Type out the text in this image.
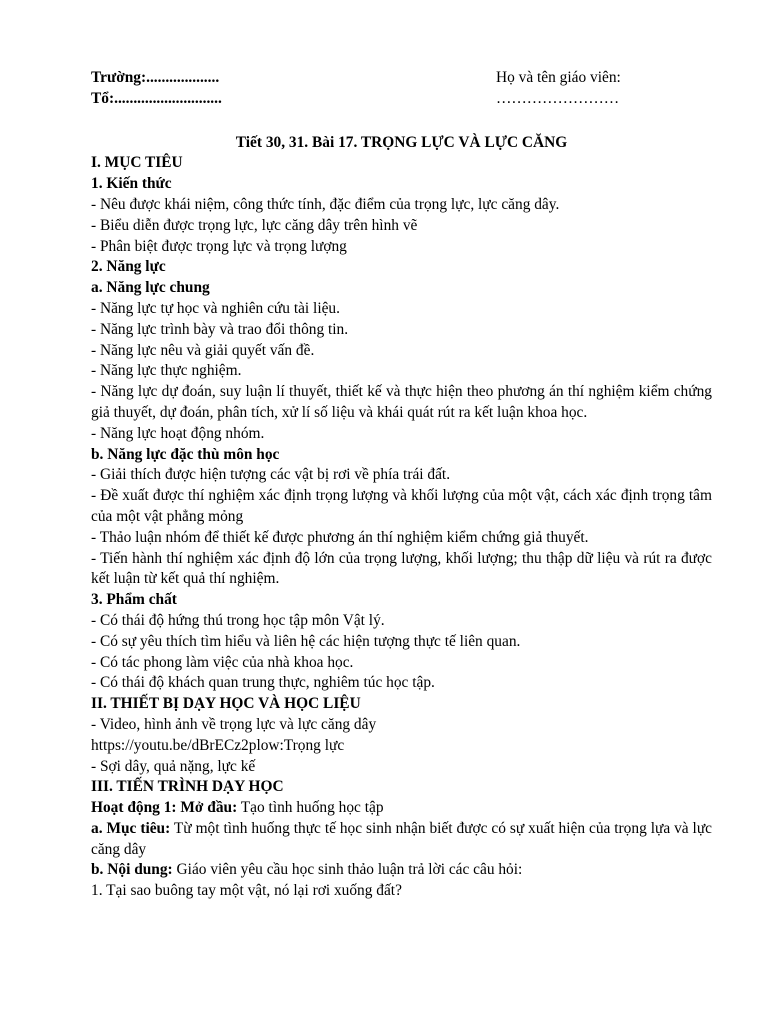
Trường:...................
Tổ:............................
Họ và tên giáo viên:
……………………
Tiết 30, 31. Bài 17. TRỌNG LỰC VÀ LỰC CĂNG
I. MỤC TIÊU
1. Kiến thức
- Nêu được khái niệm, công thức tính, đặc điểm của trọng lực, lực căng dây.
- Biểu diễn được trọng lực, lực căng dây trên hình vẽ
- Phân biệt được trọng lực và trọng lượng
2. Năng lực
a. Năng lực chung
- Năng lực tự học và nghiên cứu tài liệu.
- Năng lực trình bày và trao đổi thông tin.
- Năng lực nêu và giải quyết vấn đề.
- Năng lực thực nghiệm.
- Năng lực dự đoán, suy luận lí thuyết, thiết kế và thực hiện theo phương án thí nghiệm kiểm chứng giả thuyết, dự đoán, phân tích, xử lí số liệu và khái quát rút ra kết luận khoa học.
- Năng lực hoạt động nhóm.
b. Năng lực đặc thù môn học
- Giải thích được hiện tượng các vật bị rơi về phía trái đất.
- Đề xuất được thí nghiệm xác định trọng lượng và khối lượng của một vật, cách xác định trọng tâm của một vật phẳng mỏng
- Thảo luận nhóm để thiết kế được phương án thí nghiệm kiểm chứng giả thuyết.
- Tiến hành thí nghiệm xác định độ lớn của trọng lượng, khối lượng; thu thập dữ liệu và rút ra được kết luận từ kết quả thí nghiệm.
3. Phẩm chất
- Có thái độ hứng thú trong học tập môn Vật lý.
- Có sự yêu thích tìm hiểu và liên hệ các hiện tượng thực tế liên quan.
- Có tác phong làm việc của nhà khoa học.
- Có thái độ khách quan trung thực, nghiêm túc học tập.
II. THIẾT BỊ DẠY HỌC VÀ HỌC LIỆU
- Video, hình ảnh về trọng lực và lực căng dây
https://youtu.be/dBrECz2plow:Trọng lực
- Sợi dây, quả nặng, lực kế
III. TIẾN TRÌNH DẠY HỌC
Hoạt động 1: Mở đầu: Tạo tình huống học tập
a. Mục tiêu: Từ một tình huống thực tế học sinh nhận biết được có sự xuất hiện của trọng lựa và lực căng dây
b. Nội dung: Giáo viên yêu cầu học sinh thảo luận trả lời các câu hỏi:
1. Tại sao buông tay một vật, nó lại rơi xuống đất?
